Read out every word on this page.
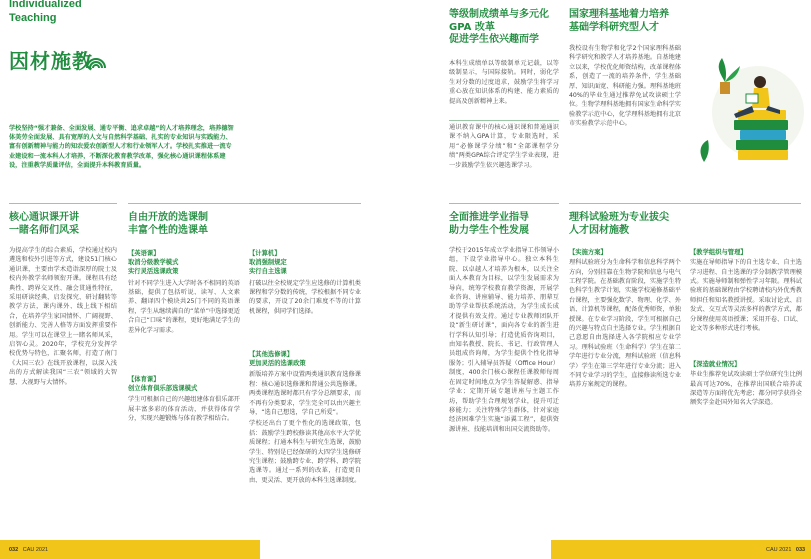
Individualized
Teaching
因材施教
学校坚持“强才兼备、全面发展、通专平衡、追求卓越”的人才培养理念，培养德智体美劳全面发展、具有宽厚的人文与自然科学基础、扎实的专业知识与实践能力、富有创新精神与能力的知农爱农创新型人才和行业领军人才。学校扎实推进一流专业建设和一流本科人才培养，不断深化教育教学改革，强化核心通识课程体系建设，注重教学质量评估，全面提升本科教育质量。
核心通识课开讲
一睹名师们风采
为提高学生的综合素质，学校通过校内遴选和校外引进等方式，建设51门核心通识课，主要由学术造诣深厚的院士及校内外教学名师领衔开课。课程具有经典性、跨界交叉性、融会贯通性特征，采用研读经典、启发探究、研讨翻转等教学方法，课内课外、线上线下相结合，在培养学生家国情怀、广阔视野、创新能力、完善人格等方面发挥重要作用。学生可以在课堂上一睹名师风采，启智心灵。2020年，学校充分发挥学校优势与特色，汇聚名师，打造了南门《大国三农》在线开放课程，以深入浅出的方式解读我国“三农”领域的大智慧、大视野与大情怀。
自由开放的选课制
丰富个性的选课单
【英语课】
取消分级教学模式
实行灵活选课政策
针对不同学生进入大学时各不相同的英语基础，提供了包括听说、读写、人文素养、翻译四个模块共25门不同的英语课程，学生从继续满自的“菜单”中选择更适合自己“口味”的课程，更好地满足学生的差异化学习需求。
【体育课】
创立体育俱乐部选课模式
学生可根据自己的兴趣组建体育俱乐部开展丰富多彩的体育活动，并获得体育学分，实现兴趣锻炼与体育教学相结合。
【计算机】
取消强制规定
实行自主选课
打破以往全校规定学生应选修的计算机类课程和学分数的传统，学校根据不同专业的要求，开设了20余门难度不等的计算机课程，供同学们选择。
【其他选修课】
更加灵活的选课政策
新版培养方案中设置两类通识教育选修课程：核心通识选修课和普通公共选修课。两类课程选课时都只有学分总额要求，而不再有分类要求，学生完全可以由兴趣主导，“选自己想选，学自己所爱”。
学校还出台了更个性化的选课政策，包括：鼓励学生跨校修读其他高水平大学优质课程；打通本科生与研究生选课，鼓励学生、特别是已经保研的大四学生选修研究生课程；鼓励跨专业、跨学科、跨学院选课等。通过一系列的改革，打造更自由、更灵活、更开放的本科生选课制度。
032 CAU 2021
等级制成绩单与多元化
GPA 改革
促进学生依兴趣而学
本科生成绩单以等级制单元记载，以等级制显示，与国际接轨。同时，弱化学生对分数的过度追求，鼓励学生将学习重心放在知识体系的构建、能力素质的提高及创新精神上来。
通识教育课中的核心通识课和普通通识课不纳入GPA计算，专业限选时，采用“必修课学分绩”和“全部课程学分绩”两类GPA综合评定学生学业表现，进一步鼓励学生依兴趣选课学习。
全面推进学业指导
助力学生个性发展
学校于2015年成立学业指导工作领导小组，下设学业指导中心。独立本科生院、以卓越人才培养为根本，以关注全面人本教育为目标，以学生发展需求为导向，统筹学校教育教学资源，开展学业咨询、讲座辅导、能力培养、朋辈互助等学业帮扶系统活动，为学生成长成才提供有效支持。通过专业教师团队开设“新生研讨课”，面向各专业的新生进行学科认知引导；打造优质咨询项目，由知名教授、院长、书记、行政管理人员组成咨询师，为学生提供个性化指导服务；引入辅导员答疑（Office Hour）制度，400余门核心课程任课教师每周在固定时间地点为学生答疑解惑、指导学业；定期开展专题讲座与主题工作坊，帮助学生合理规划学业，提升可迁移能力；关注特殊学生群体，针对家庭经济困难学生实施“添翼工程”，提供资源讲座、技能培训和出国交流资助等。
国家理科基地着力培养
基础学科研究型人才
我校设有生物学和化学2个国家理科基础科学研究和教学人才培养基地。自基地建立以来，学校优化师资结构，改革课程体系，创造了一流的培养条件，学生基础厚、知识面宽、科研能力强。理科基地班40%的毕业生通过推荐免试攻读硕士学位。生物学理科基地拥有国家生命科学实验教学示范中心，化学理科基地拥有北京市实验教学示范中心。
理科试验班为专业拔尖
人才因材施教
【实施方案】
理科试验班分为生命科学和信息科学两个方向，分别挂靠在生物学院和信息与电气工程学院。在基础教育阶段，实施学生特色科学生教学计划，实施学校通修基础平台课程，主要强化数学、物理、化学、外语、计算机等课程，配备优秀师资，单独授课。在专业学习阶段，学生可根据自己的兴趣与特点自主选择专业。学生根据自己意愿自由选择进入各学院相应专业学习。理科试验班（生命科学）学生在第二学年进行专业分流，理科试验班（信息科学）学生在第三学年进行专业分流；进入不同专业学习的学生，直接修读所选专业培养方案规定的课程。
【教学组织与管理】
实施在导师指导下的自主选专业、自主选学习进程、自主选课的学分制教学管理模式。实施导师制和弹性学习年限。理科试验班的基础课程由学校聘请校内外优秀教师担任和知名教授讲授。采取讨论式、启发式、交互式等灵活多样的教学方式，都分课程使用英语授课；采用开卷、口试、论文等多种形式进行考核。
【深造就业情况】
毕业生推荐免试攻读硕士学位研究生比例最高可达70%，在推荐出国联合培养或深造等方面将优先考虑；都分同学获得全额奖学金赴国外知名大学深造。
CAU 2021 033
